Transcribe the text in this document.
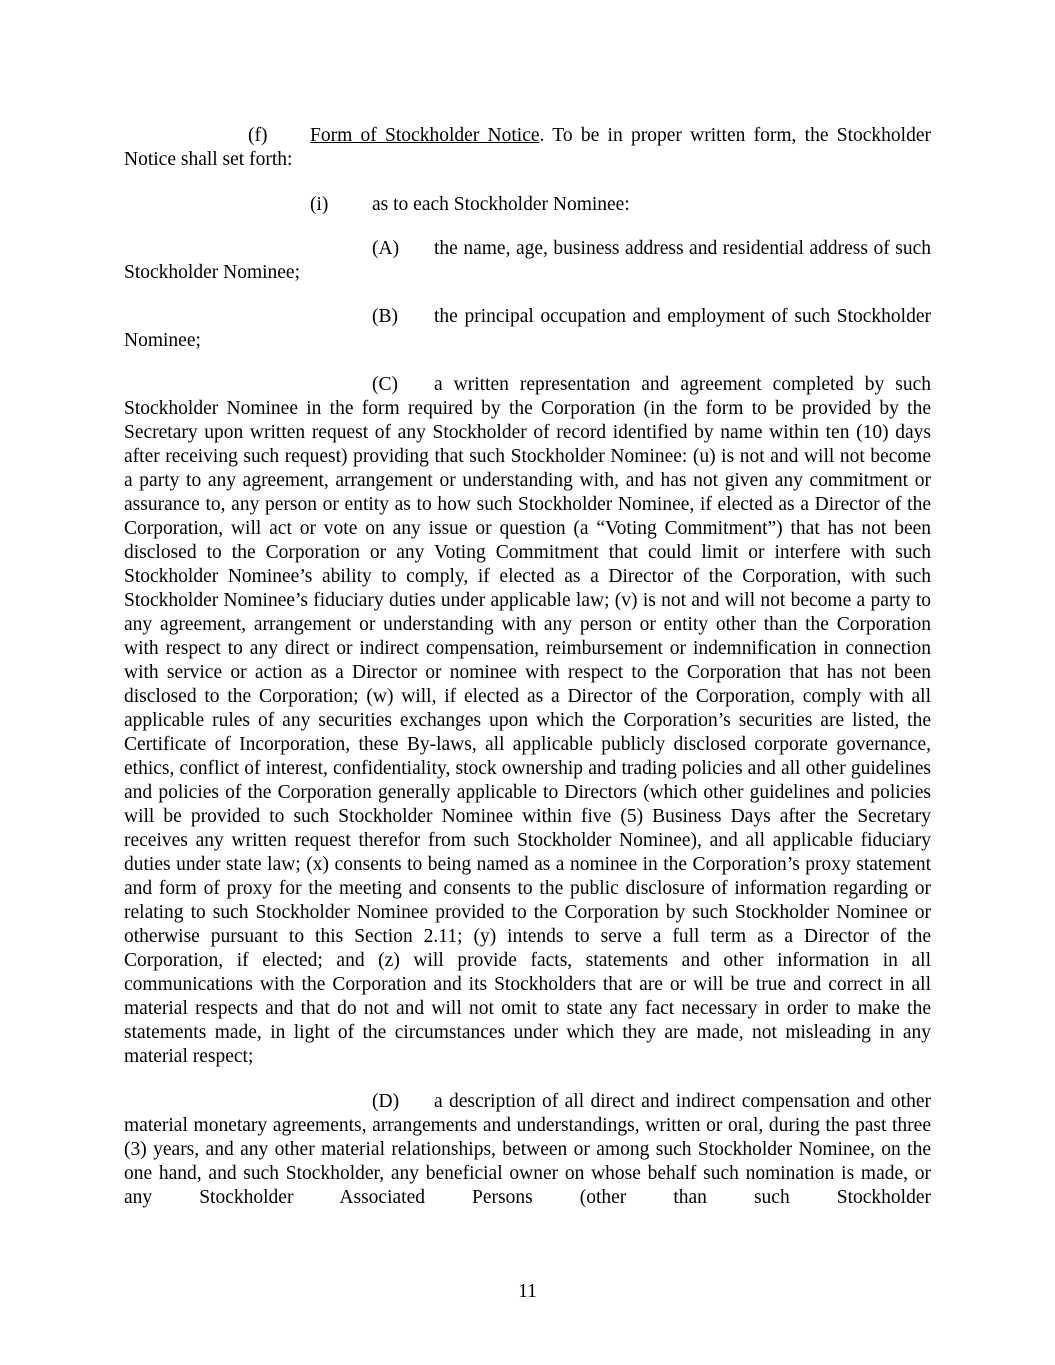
(f) Form of Stockholder Notice. To be in proper written form, the Stockholder Notice shall set forth:

(i) as to each Stockholder Nominee:

(A) the name, age, business address and residential address of such Stockholder Nominee;

(B) the principal occupation and employment of such Stockholder Nominee;

(C) a written representation and agreement completed by such Stockholder Nominee in the form required by the Corporation (in the form to be provided by the Secretary upon written request of any Stockholder of record identified by name within ten (10) days after receiving such request) providing that such Stockholder Nominee: (u) is not and will not become a party to any agreement, arrangement or understanding with, and has not given any commitment or assurance to, any person or entity as to how such Stockholder Nominee, if elected as a Director of the Corporation, will act or vote on any issue or question (a “Voting Commitment”) that has not been disclosed to the Corporation or any Voting Commitment that could limit or interfere with such Stockholder Nominee’s ability to comply, if elected as a Director of the Corporation, with such Stockholder Nominee’s fiduciary duties under applicable law; (v) is not and will not become a party to any agreement, arrangement or understanding with any person or entity other than the Corporation with respect to any direct or indirect compensation, reimbursement or indemnification in connection with service or action as a Director or nominee with respect to the Corporation that has not been disclosed to the Corporation; (w) will, if elected as a Director of the Corporation, comply with all applicable rules of any securities exchanges upon which the Corporation’s securities are listed, the Certificate of Incorporation, these By-laws, all applicable publicly disclosed corporate governance, ethics, conflict of interest, confidentiality, stock ownership and trading policies and all other guidelines and policies of the Corporation generally applicable to Directors (which other guidelines and policies will be provided to such Stockholder Nominee within five (5) Business Days after the Secretary receives any written request therefor from such Stockholder Nominee), and all applicable fiduciary duties under state law; (x) consents to being named as a nominee in the Corporation’s proxy statement and form of proxy for the meeting and consents to the public disclosure of information regarding or relating to such Stockholder Nominee provided to the Corporation by such Stockholder Nominee or otherwise pursuant to this Section 2.11; (y) intends to serve a full term as a Director of the Corporation, if elected; and (z) will provide facts, statements and other information in all communications with the Corporation and its Stockholders that are or will be true and correct in all material respects and that do not and will not omit to state any fact necessary in order to make the statements made, in light of the circumstances under which they are made, not misleading in any material respect;

(D) a description of all direct and indirect compensation and other material monetary agreements, arrangements and understandings, written or oral, during the past three (3) years, and any other material relationships, between or among such Stockholder Nominee, on the one hand, and such Stockholder, any beneficial owner on whose behalf such nomination is made, or any Stockholder Associated Persons (other than such Stockholder

11
